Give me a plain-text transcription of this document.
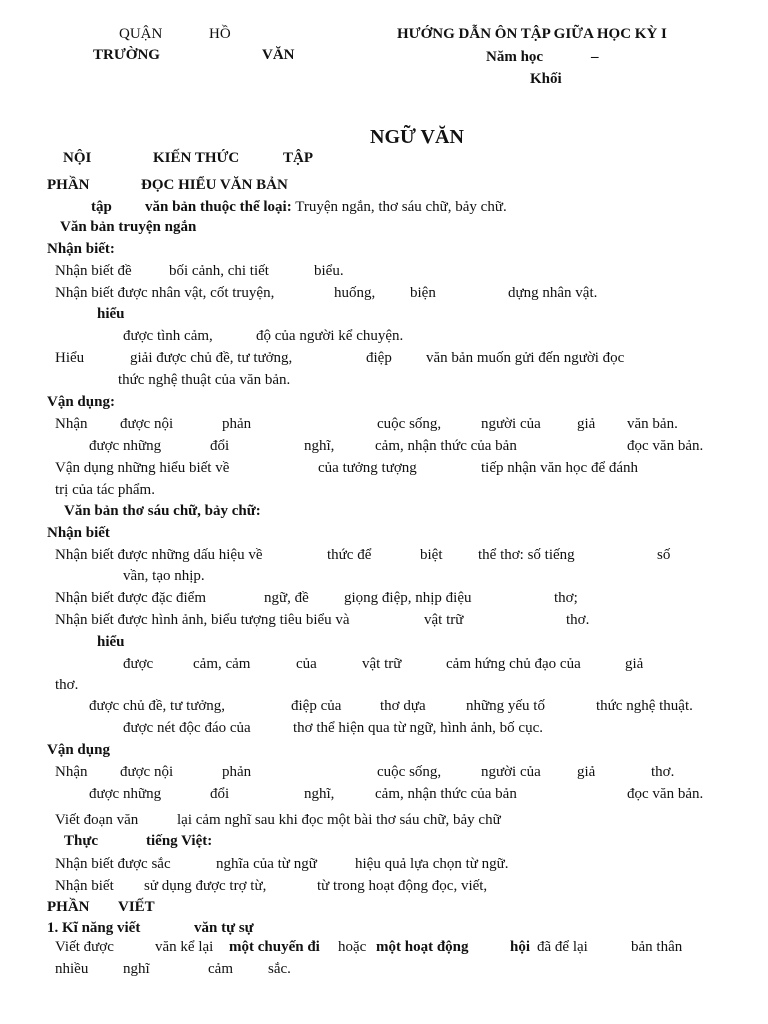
QUẬN	HỒ	HƯỚNG DẪN ÔN TẬP GIỮA HỌC KỲ I
TRƯỜNG	VĂN	Năm học	–
Khối
NGỮ VĂN
NỘI	KIẾN THỨC	TẬP
PHẦN	ĐỌC HIỂU VĂN BẢN
tập văn bản thuộc thể loại: Truyện ngắn, thơ sáu chữ, bảy chữ.
Văn bản truyện ngắn
Nhận biết:
Nhận biết đề bối cảnh, chi tiết	biểu.
Nhận biết được nhân vật, cốt truyện,	huống, biện	dựng nhân vật.
hiểu
được tình cảm,	độ của người kể chuyện.
Hiểu	giải được chủ đề, tư tưởng,	điệp văn bản muốn gửi đến người đọc
thức nghệ thuật của văn bản.
Vận dụng:
Nhận được nội	phản	cuộc sống,	người của giả văn bản.
được những	đổi	nghĩ,	cảm, nhận thức của bản	đọc văn bản.
Vận dụng những hiểu biết về	của tưởng tượng	tiếp nhận văn học để đánh
trị của tác phẩm.
Văn bản thơ sáu chữ, bảy chữ:
Nhận biết
Nhận biết được những dấu hiệu về	thức để	biệt thể thơ: số tiếng	số
vần, tạo nhịp.
Nhận biết được đặc điểm	ngữ, đề giọng điệp, nhịp điệu	thơ;
Nhận biết được hình ảnh, biểu tượng tiêu biểu và	vật trữ	thơ.
hiểu
được	cảm, cảm	của	vật trữ	cảm hứng chủ đạo của	giả
thơ.
được chủ đề, tư tưởng,	điệp của	thơ dựa	những yếu tố	thức nghệ thuật.
được nét độc đáo của	thơ thể hiện qua từ ngữ, hình ảnh, bố cục.
Vận dụng
Nhận được nội	phản	cuộc sống,	người của giả	thơ.
được những	đổi	nghĩ,	cảm, nhận thức của bản	đọc văn bản.
Viết đoạn văn	lại cảm nghĩ sau khi đọc một bài thơ sáu chữ, bảy chữ
Thực	tiếng Việt:
Nhận biết được sắc	nghĩa của từ ngữ	hiệu quả lựa chọn từ ngữ.
Nhận biết sử dụng được trợ từ,	từ trong hoạt động đọc, viết,
PHẦN VIẾT
1. Kĩ năng viết	văn tự sự
Viết được	văn kể lại một chuyến đi hoặc một hoạt động	hội đã để lại	bản thân
nhiều nghĩ	cảm sắc.
